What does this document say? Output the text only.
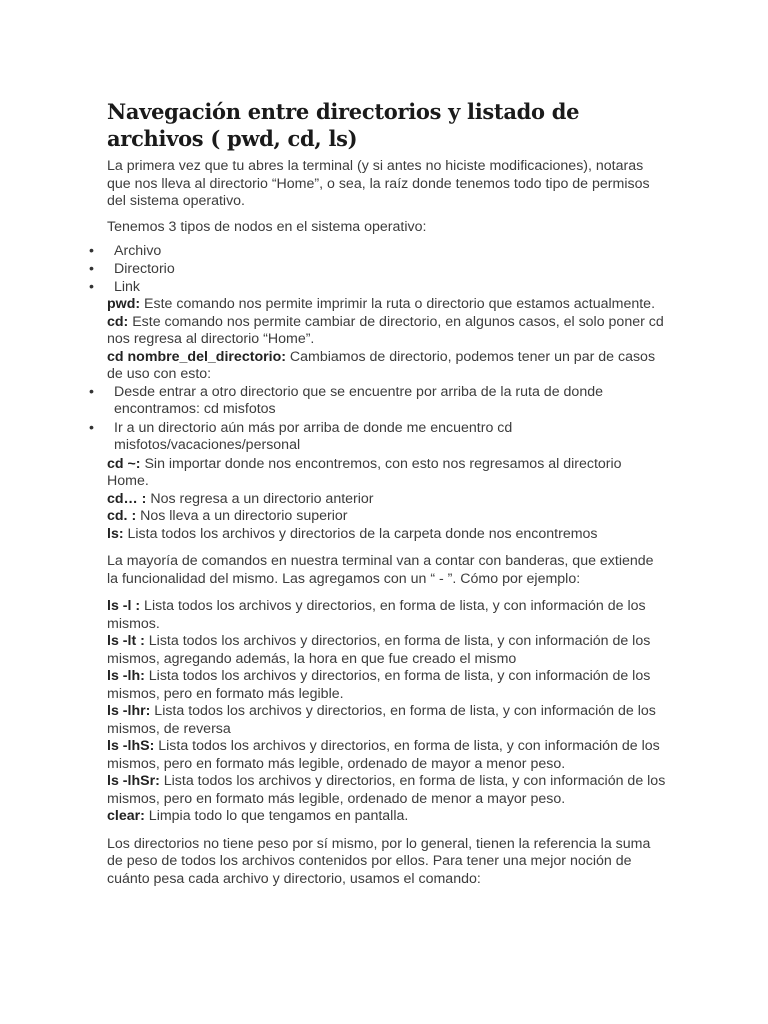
Navegación entre directorios y listado de archivos ( pwd, cd, ls)

La primera vez que tu abres la terminal (y si antes no hiciste modificaciones), notaras que nos lleva al directorio “Home”, o sea, la raíz donde tenemos todo tipo de permisos del sistema operativo.

Tenemos 3 tipos de nodos en el sistema operativo:

• Archivo
• Directorio
• Link

pwd: Este comando nos permite imprimir la ruta o directorio que estamos actualmente.

cd: Este comando nos permite cambiar de directorio, en algunos casos, el solo poner cd nos regresa al directorio “Home”.

cd nombre_del_directorio: Cambiamos de directorio, podemos tener un par de casos de uso con esto:

• Desde entrar a otro directorio que se encuentre por arriba de la ruta de donde encontramos: cd misfotos
• Ir a un directorio aún más por arriba de donde me encuentro cd misfotos/vacaciones/personal

cd ~: Sin importar donde nos encontremos, con esto nos regresamos al directorio Home.

cd… : Nos regresa a un directorio anterior

cd. : Nos lleva a un directorio superior

ls: Lista todos los archivos y directorios de la carpeta donde nos encontremos

La mayoría de comandos en nuestra terminal van a contar con banderas, que extiende la funcionalidad del mismo. Las agregamos con un “ - ”. Cómo por ejemplo:

ls -l : Lista todos los archivos y directorios, en forma de lista, y con información de los mismos.

ls -lt : Lista todos los archivos y directorios, en forma de lista, y con información de los mismos, agregando además, la hora en que fue creado el mismo

ls -lh: Lista todos los archivos y directorios, en forma de lista, y con información de los mismos, pero en formato más legible.

ls -lhr: Lista todos los archivos y directorios, en forma de lista, y con información de los mismos, de reversa

ls -lhS: Lista todos los archivos y directorios, en forma de lista, y con información de los mismos, pero en formato más legible, ordenado de mayor a menor peso.

ls -lhSr: Lista todos los archivos y directorios, en forma de lista, y con información de los mismos, pero en formato más legible, ordenado de menor a mayor peso.

clear: Limpia todo lo que tengamos en pantalla.

Los directorios no tiene peso por sí mismo, por lo general, tienen la referencia la suma de peso de todos los archivos contenidos por ellos. Para tener una mejor noción de cuánto pesa cada archivo y directorio, usamos el comando:
